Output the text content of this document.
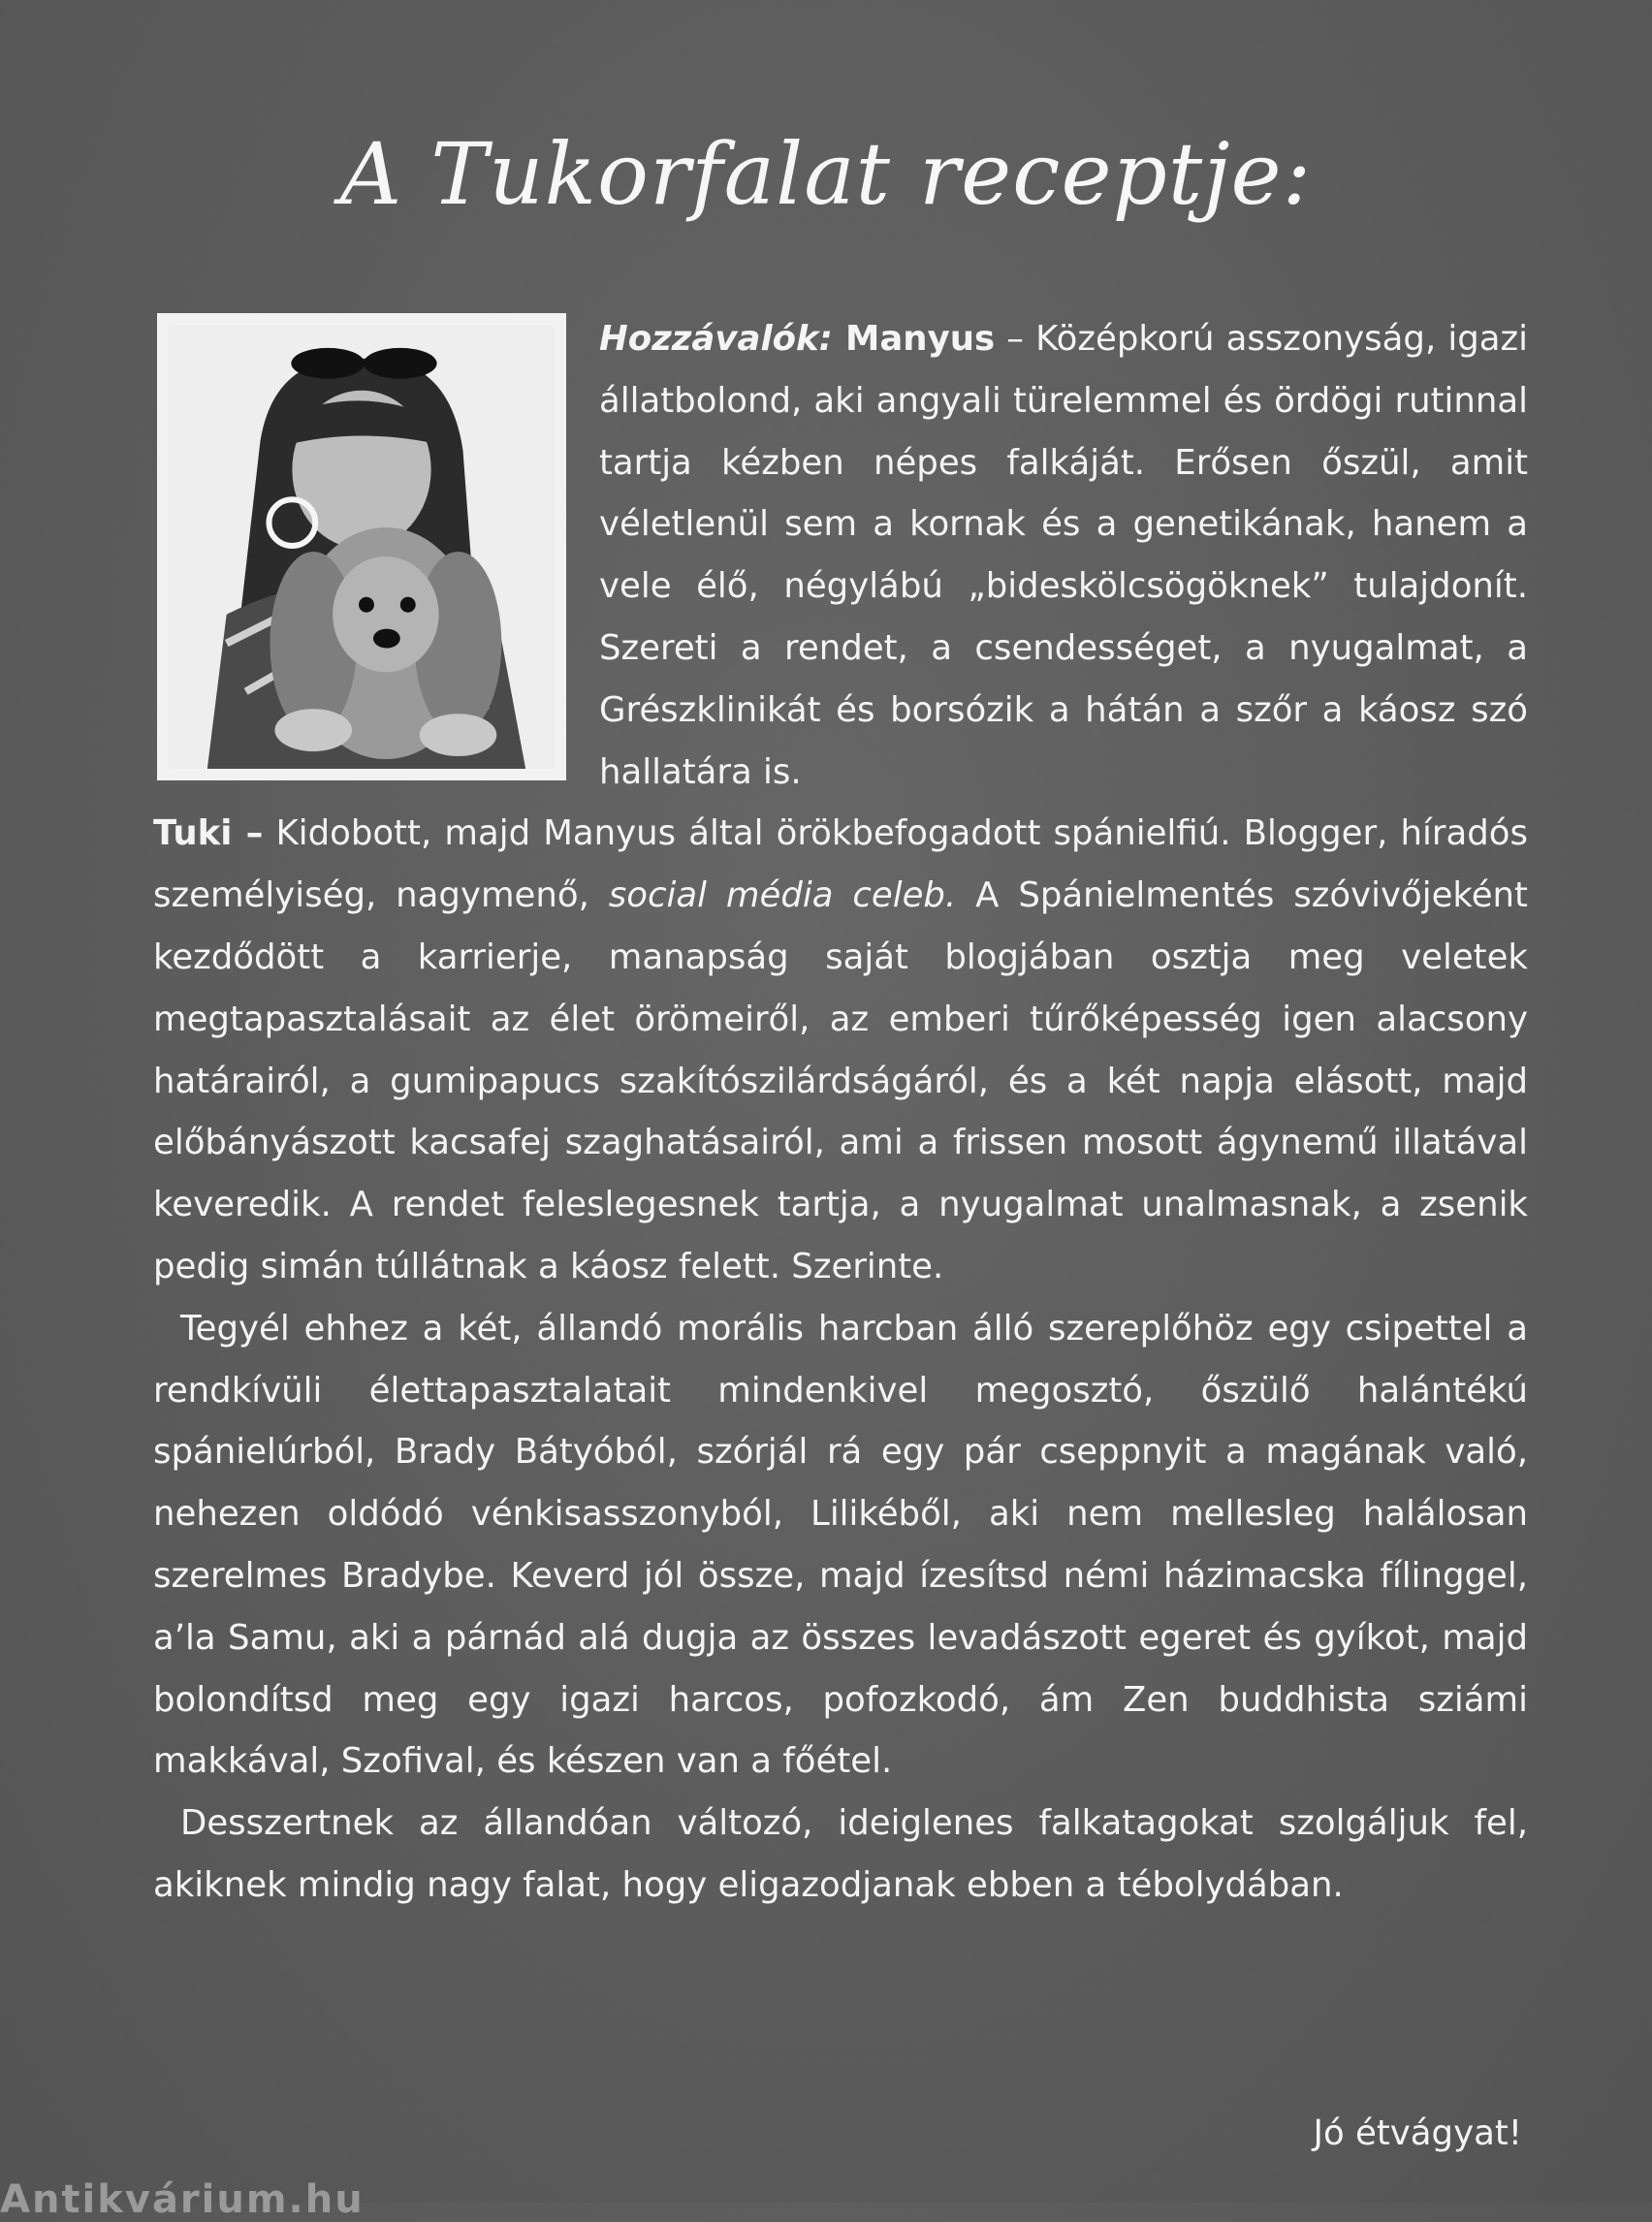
A Tukorfalat receptje:

Hozzávalók: Manyus – Középkorú asszonyság, igazi állatbolond, aki angyali türelemmel és ördögi rutinnal tartja kézben népes falkáját. Erősen őszül, amit véletlenül sem a kornak és a genetikának, hanem a vele élő, négylábú „bideskölcsögöknek” tulajdonít. Szereti a rendet, a csendességet, a nyugalmat, a Grészklinikát és borsózik a hátán a szőr a káosz szó hallatára is.

Tuki – Kidobott, majd Manyus által örökbefogadott spánielfiú. Blogger, híradós személyiség, nagymenő, social média celeb. A Spánielmentés szóvivőjeként kezdődött a karrierje, manapság saját blogjában osztja meg veletek megtapasztalásait az élet örömeiről, az emberi tűrőképesség igen alacsony határairól, a gumipapucs szakítószilárdságáról, és a két napja elásott, majd előbányászott kacsafej szaghatásairól, ami a frissen mosott ágynemű illatával keveredik. A rendet feleslegesnek tartja, a nyugalmat unalmasnak, a zsenik pedig simán túllátnak a káosz felett. Szerinte.

Tegyél ehhez a két, állandó morális harcban álló szereplőhöz egy csipettel a rendkívüli élettapasztalatait mindenkivel megosztó, őszülő halántékú spánielúrból, Brady Bátyóból, szórjál rá egy pár cseppnyit a magának való, nehezen oldódó vénkisasszonyból, Lilikéből, aki nem mellesleg halálosan szerelmes Bradybe. Keverd jól össze, majd ízesítsd némi házimacska fílinggel, a’la Samu, aki a párnád alá dugja az összes levadászott egeret és gyíkot, majd bolondítsd meg egy igazi harcos, pofozkodó, ám Zen buddhista sziámi makkával, Szofival, és készen van a főétel.

Desszertnek az állandóan változó, ideiglenes falkatagokat szolgáljuk fel, akiknek mindig nagy falat, hogy eligazodjanak ebben a tébolydában.

Jó étvágyat!
Antikvárium.hu
